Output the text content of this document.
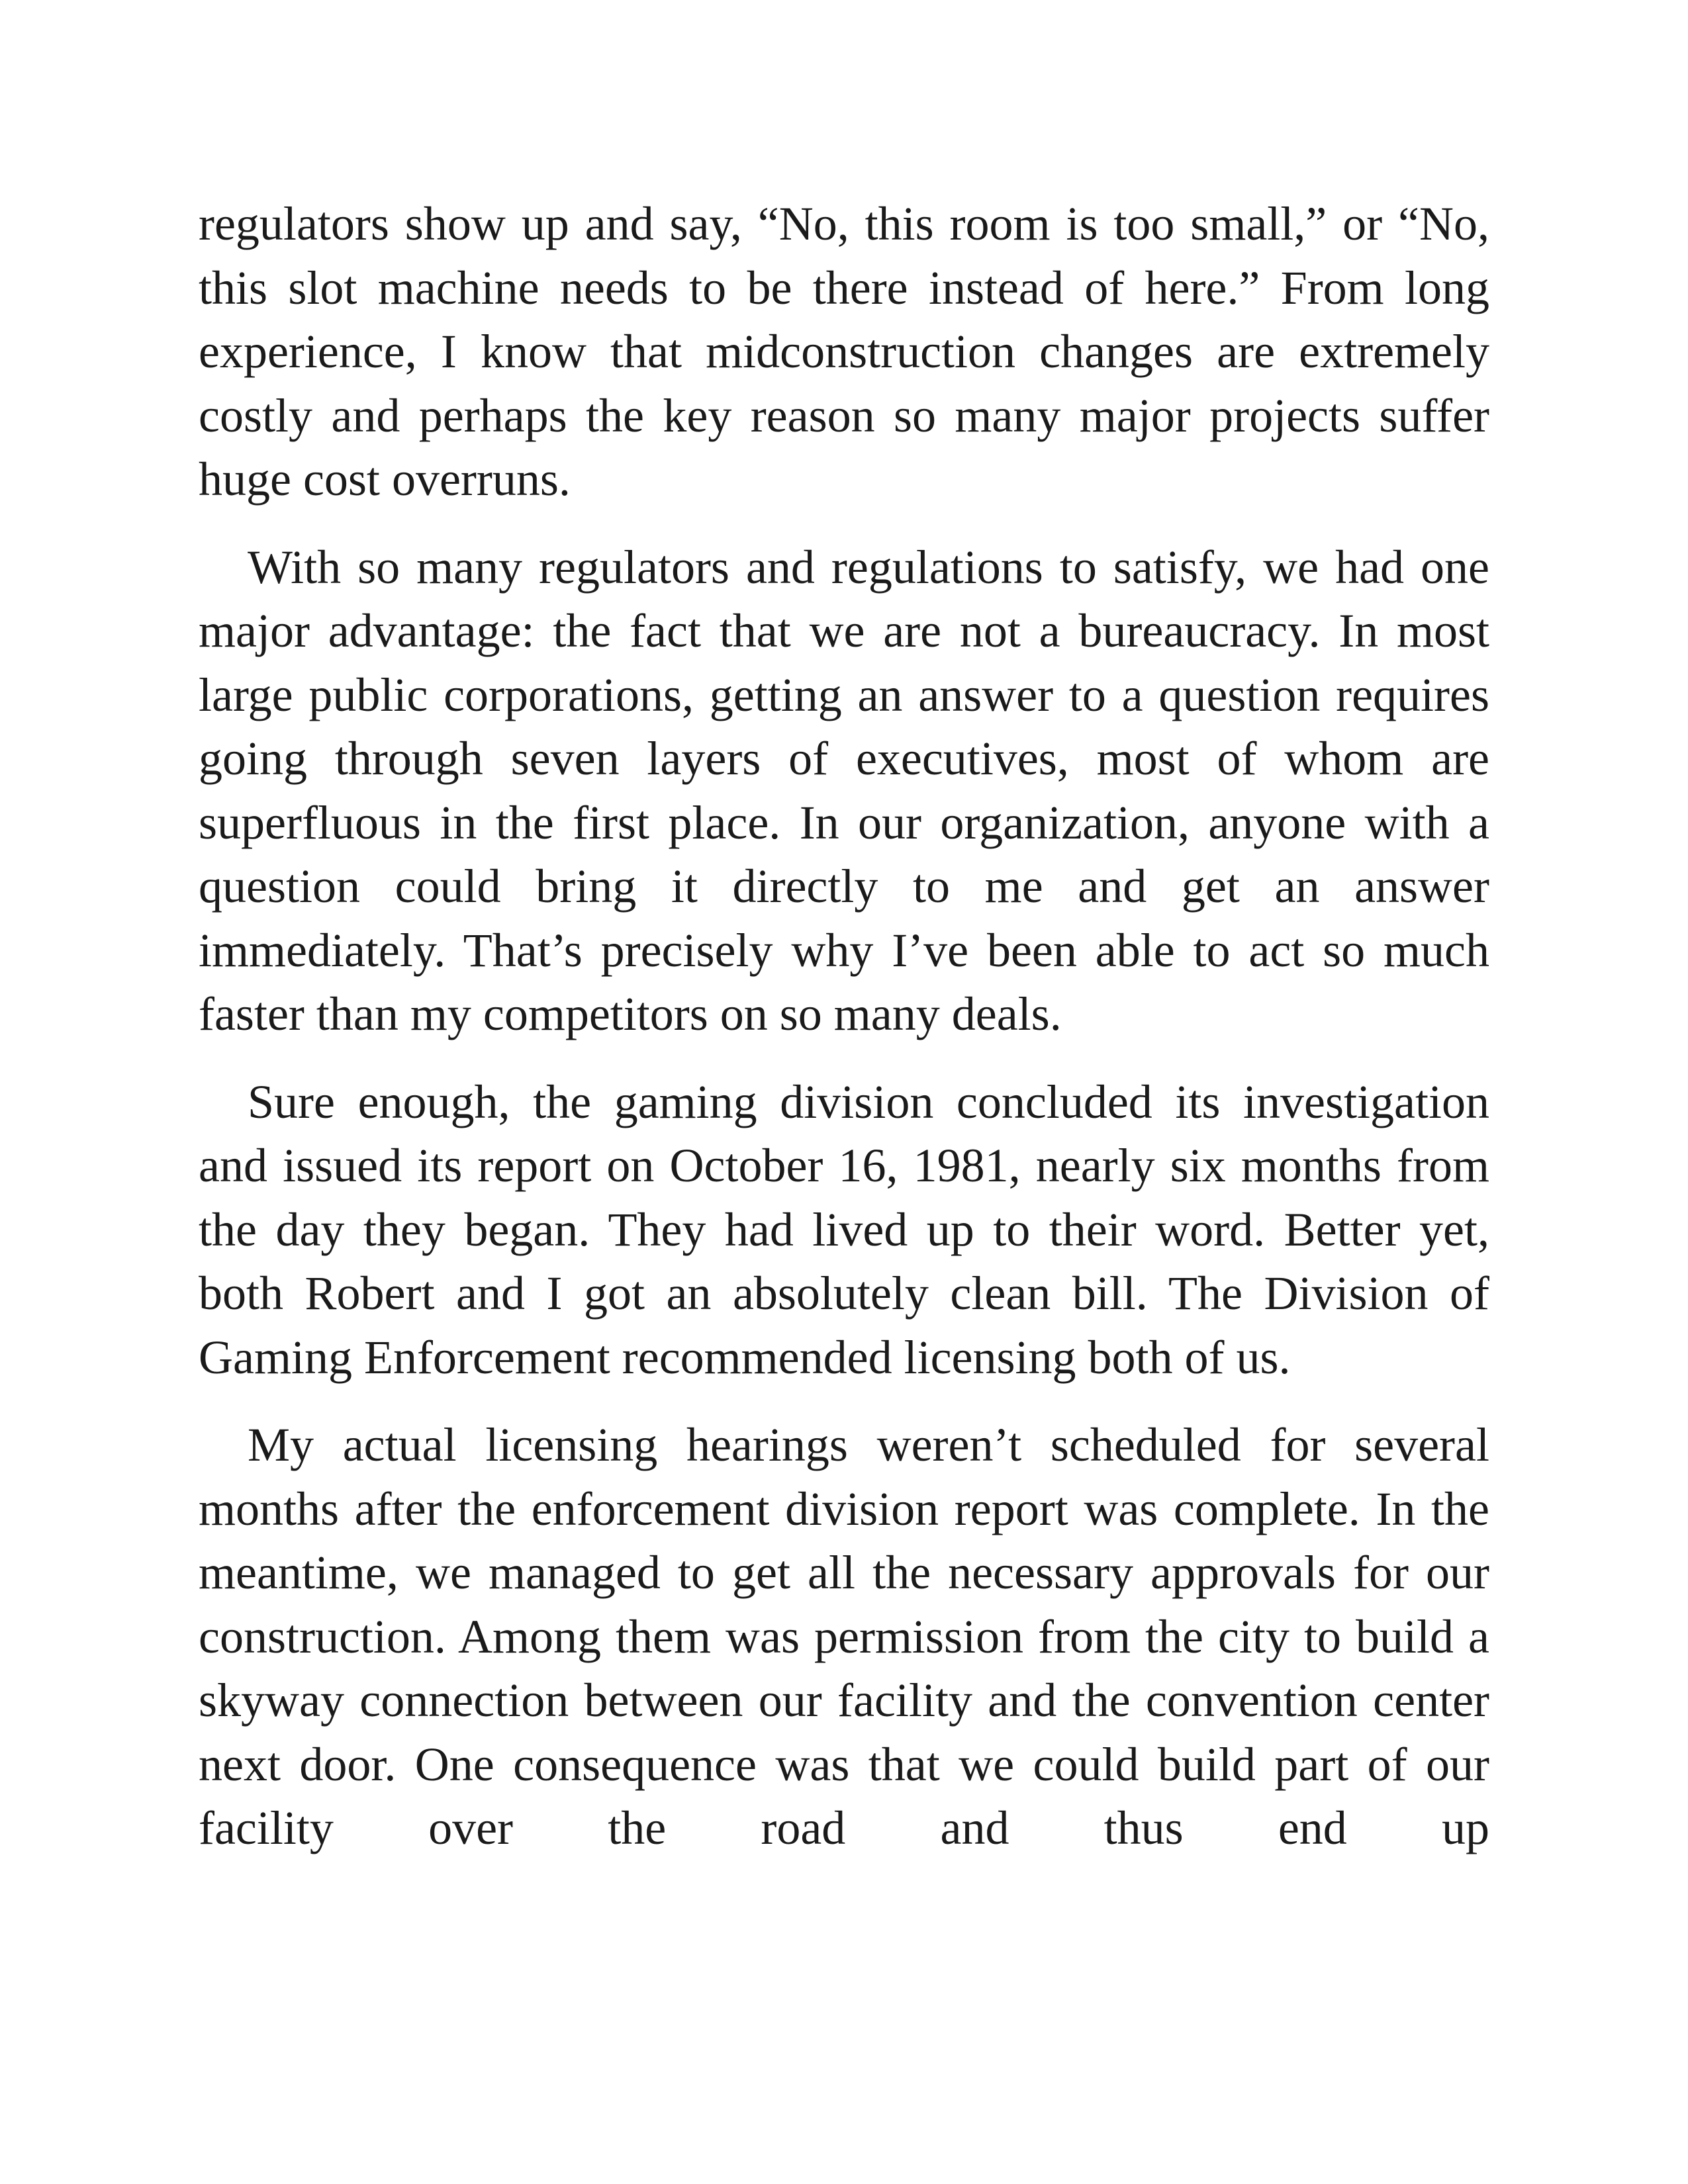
regulators show up and say, “No, this room is too small,” or “No, this slot machine needs to be there instead of here.” From long experience, I know that midconstruction changes are extremely costly and perhaps the key reason so many major projects suffer huge cost overruns.

With so many regulators and regulations to satisfy, we had one major advantage: the fact that we are not a bureaucracy. In most large public corporations, getting an answer to a question requires going through seven layers of executives, most of whom are superfluous in the first place. In our organization, anyone with a question could bring it directly to me and get an answer immediately. That’s precisely why I’ve been able to act so much faster than my competitors on so many deals.

Sure enough, the gaming division concluded its investigation and issued its report on October 16, 1981, nearly six months from the day they began. They had lived up to their word. Better yet, both Robert and I got an absolutely clean bill. The Division of Gaming Enforcement recommended licensing both of us.

My actual licensing hearings weren’t scheduled for several months after the enforcement division report was complete. In the meantime, we managed to get all the necessary approvals for our construction. Among them was permission from the city to build a skyway connection between our facility and the convention center next door. One consequence was that we could build part of our facility over the road and thus end up
